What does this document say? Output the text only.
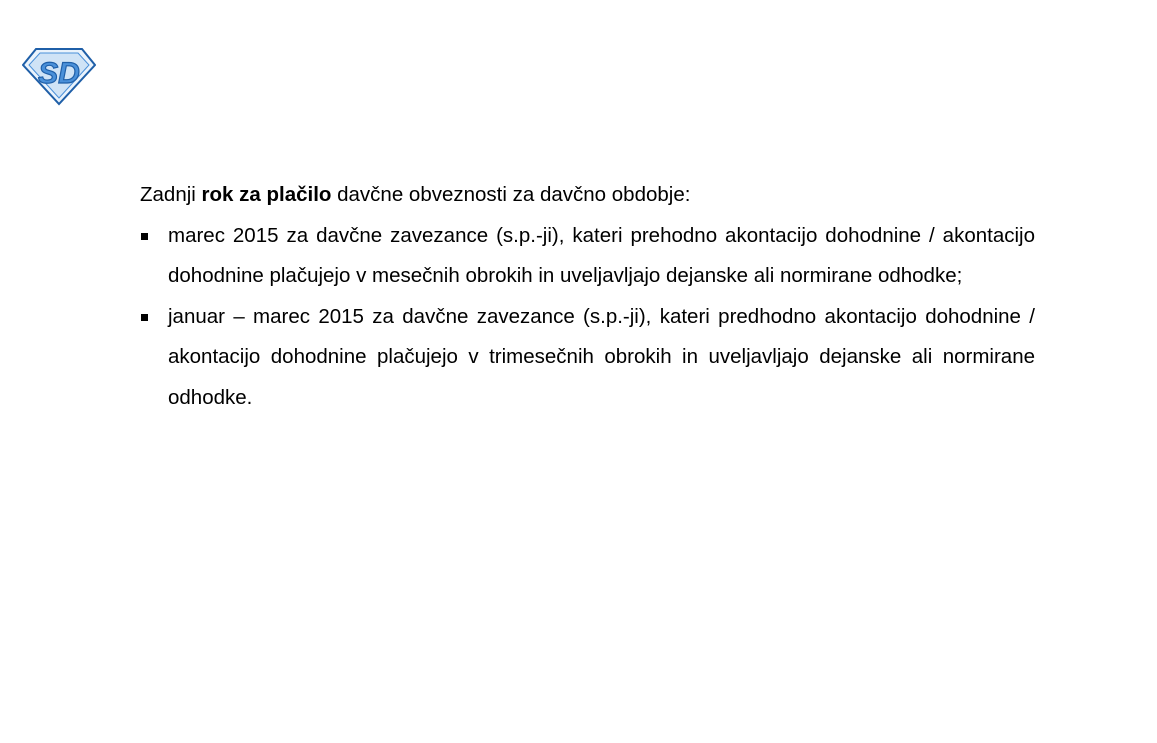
SD

Zadnji rok za plačilo davčne obveznosti za davčno obdobje:

marec 2015 za davčne zavezance (s.p.-ji), kateri prehodno akontacijo dohodnine / akontacijo dohodnine plačujejo v mesečnih obrokih in uveljavljajo dejanske ali normirane odhodke;
januar – marec 2015 za davčne zavezance (s.p.-ji), kateri predhodno akontacijo dohodnine / akontacijo dohodnine plačujejo v trimesečnih obrokih in uveljavljajo dejanske ali normirane odhodke.
